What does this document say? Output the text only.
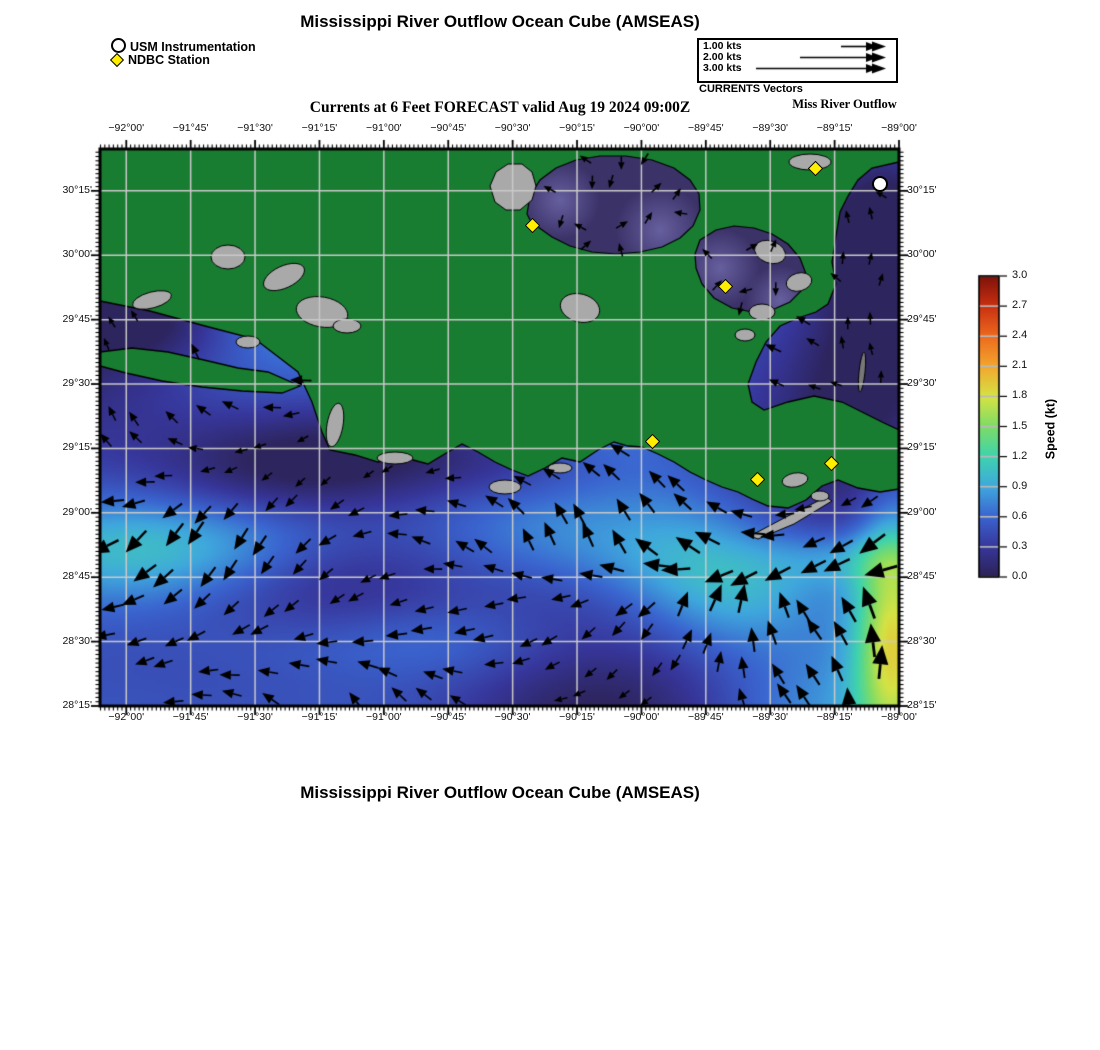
Mississippi River Outflow Ocean Cube (AMSEAS)
USM Instrumentation
NDBC Station
1.00 kts
2.00 kts
3.00 kts
CURRENTS Vectors
Miss River Outflow
Currents at 6 Feet FORECAST valid Aug 19 2024 09:00Z
Speed (kt)
Mississippi River Outflow Ocean Cube (AMSEAS)
−92°00'
−92°00'
−91°45'
−91°45'
−91°30'
−91°30'
−91°15'
−91°15'
−91°00'
−91°00'
−90°45'
−90°45'
−90°30'
−90°30'
−90°15'
−90°15'
−90°00'
−90°00'
−89°45'
−89°45'
−89°30'
−89°30'
−89°15'
−89°15'
−89°00'
−89°00'
28°15'	28°15'
28°30'	28°30'
28°45'	28°45'
29°00'	29°00'
29°15'	29°15'
29°30'	29°30'
29°45'	29°45'
30°00'	30°00'
30°15'	30°15'
0.0
0.3
0.6
0.9
1.2
1.5
1.8
2.1
2.4
2.7
3.0
